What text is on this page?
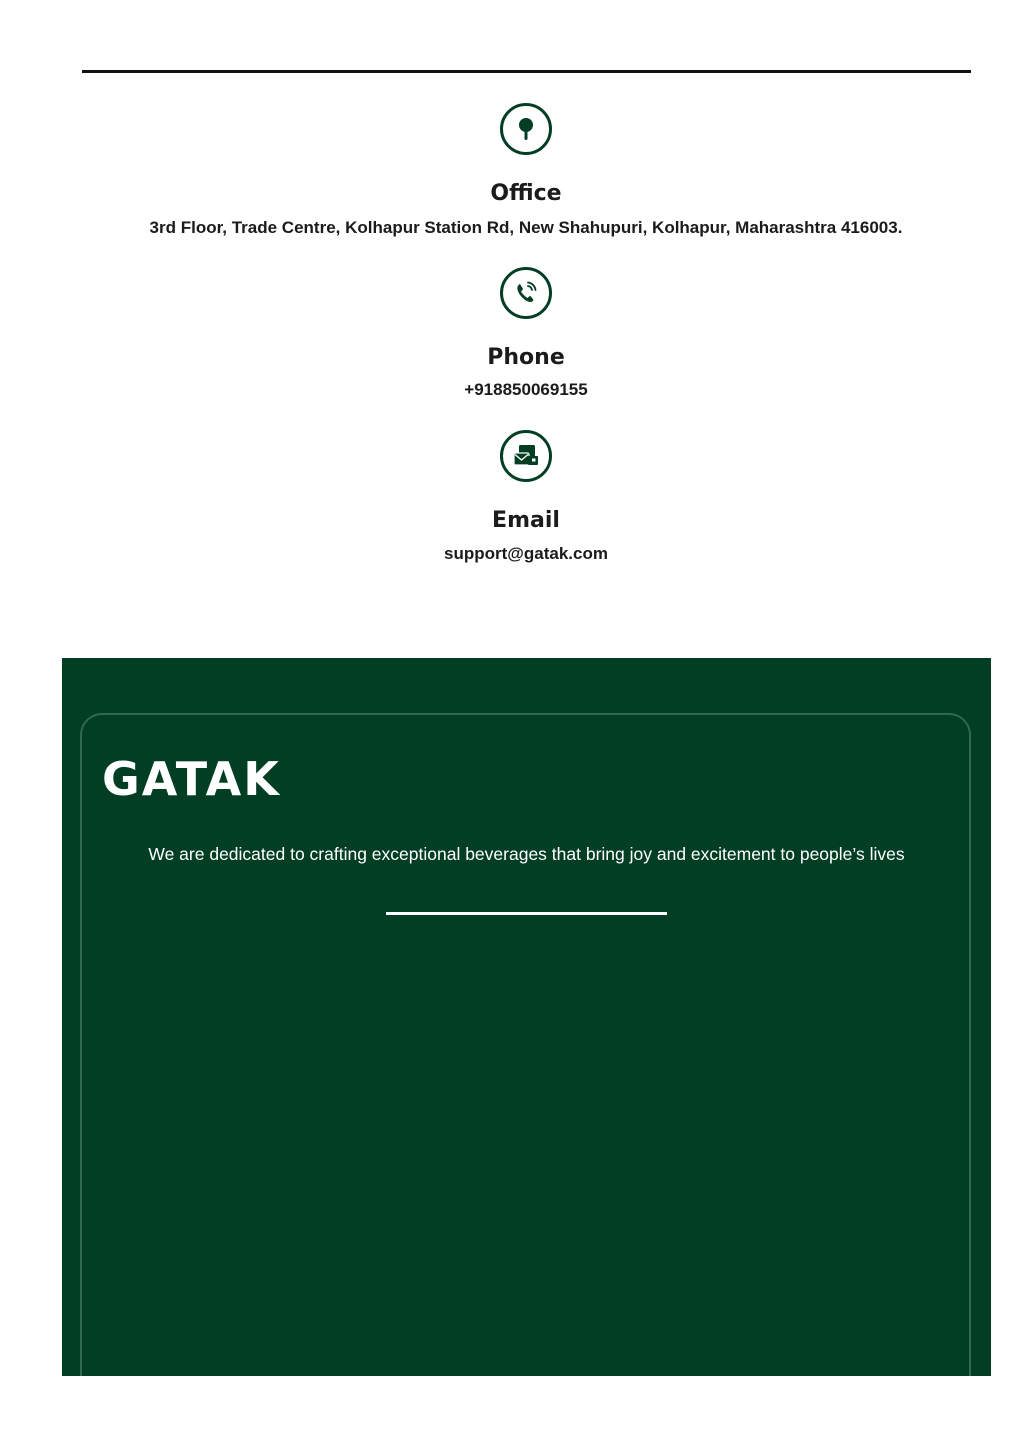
Office

3rd Floor, Trade Centre, Kolhapur Station Rd, New Shahupuri, Kolhapur, Maharashtra 416003.

Phone

+918850069155

Email

support@gatak.com

GATAK

We are dedicated to crafting exceptional beverages that bring joy and excitement to people’s lives
